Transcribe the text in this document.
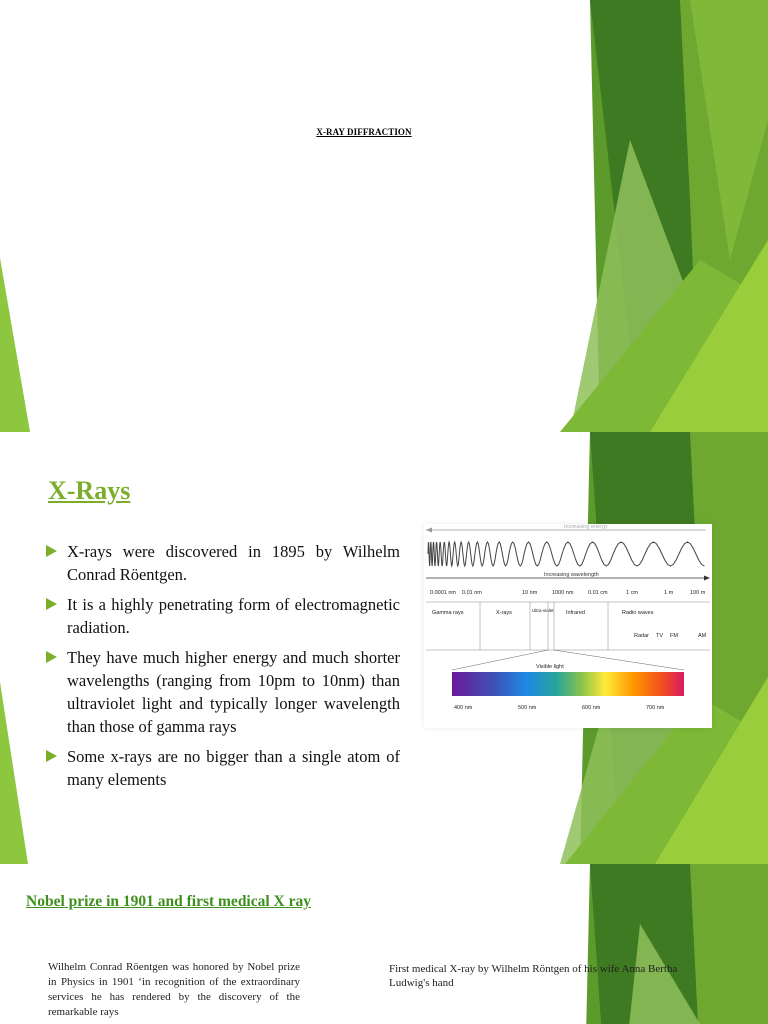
X-RAY DIFFRACTION
X-Rays
X-rays were discovered in 1895 by Wilhelm Conrad Röentgen.
It is a highly penetrating form of electromagnetic radiation.
They have much higher energy and much shorter wavelengths (ranging from 10pm to 10nm) than ultraviolet light and typically longer wavelength than those of gamma rays
Some x-rays are no bigger than a single atom of many elements
Increasing energy
Increasing wavelength
0.0001 nm 0.01 nm	10 nm	1000 nm	0.01 cm	1 cm	1 m	100 m
Gamma rays	X-rays	Ultra-violet Infrared	Radio waves
Radar TV FM	AM
Visible light
400 nm	500 nm	600 nm	700 nm
Nobel prize in 1901 and first medical X ray

Wilhelm Conrad Röentgen was honored by Nobel prize in Physics in 1901 ‘in recognition of the extraordinary services he has rendered by the discovery of the remarkable rays

First medical X-ray by Wilhelm Röntgen of his wife Anna Bertha Ludwig's hand
